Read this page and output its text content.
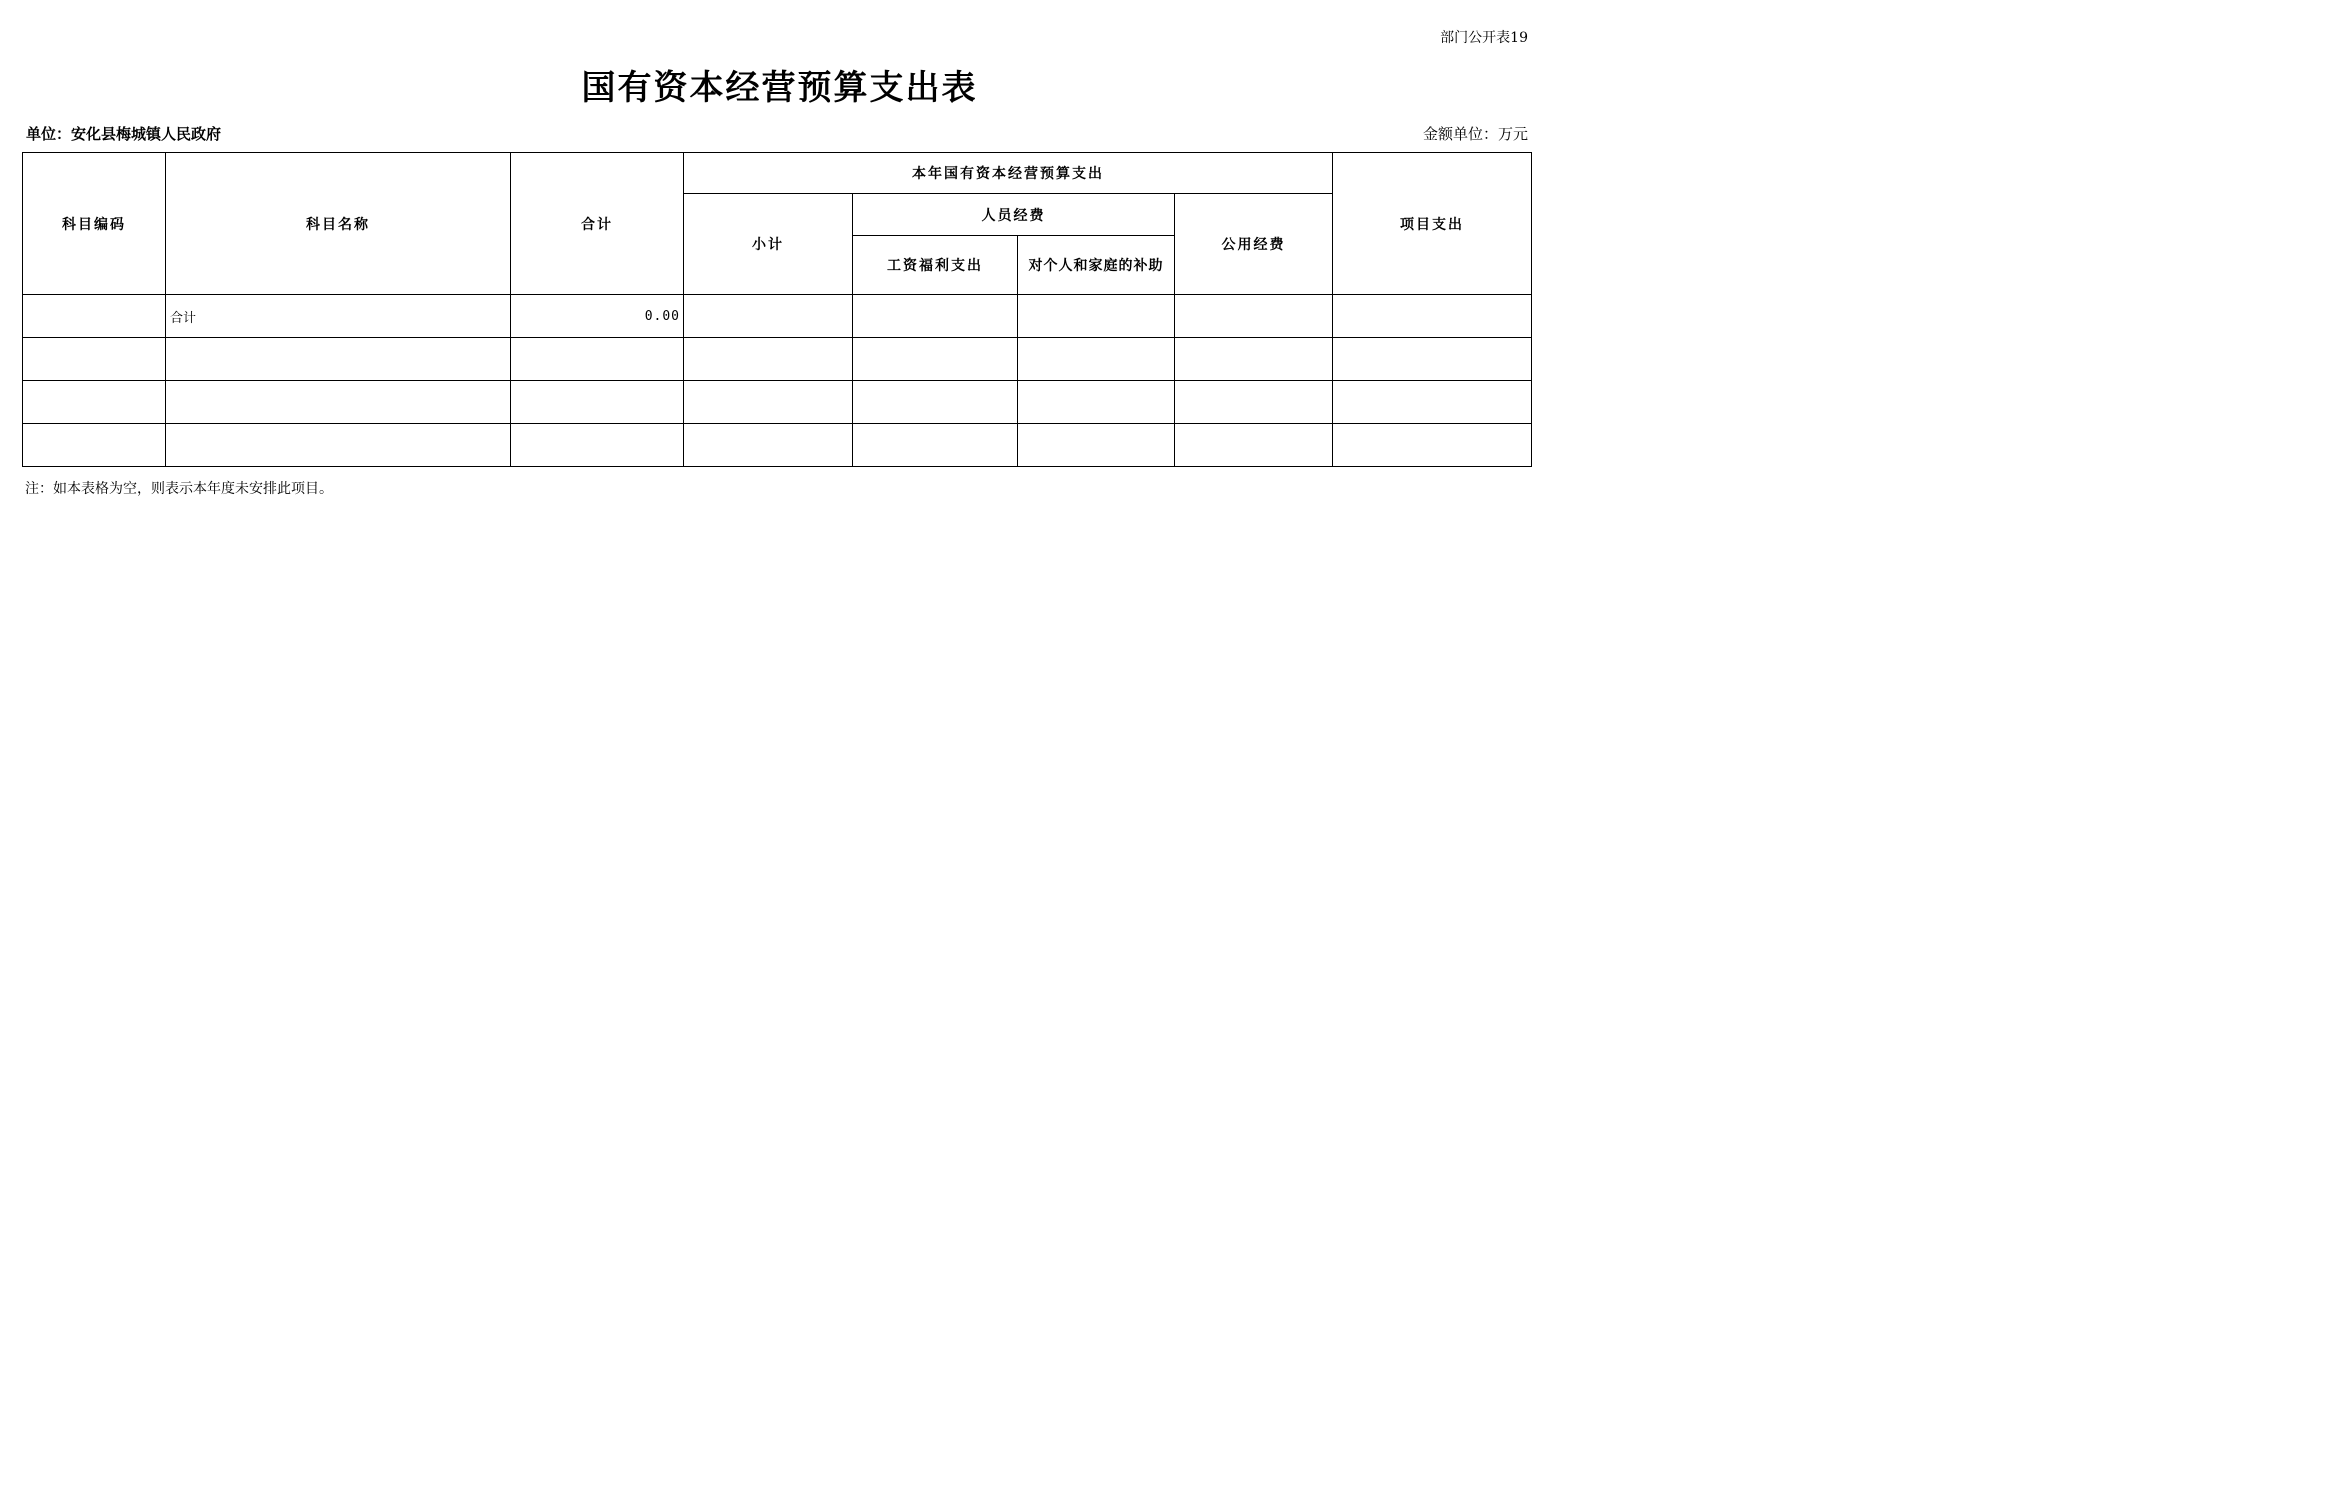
部门公开表19
国有资本经营预算支出表
单位：安化县梅城镇人民政府	金额单位：万元
科目编码	科目名称	合计	本年国有资本经营预算支出				项目支出
			小计	人员经费		公用经费	
				工资福利支出	对个人和家庭的补助		
	合计	0.00					

注：如本表格为空，则表示本年度未安排此项目。
